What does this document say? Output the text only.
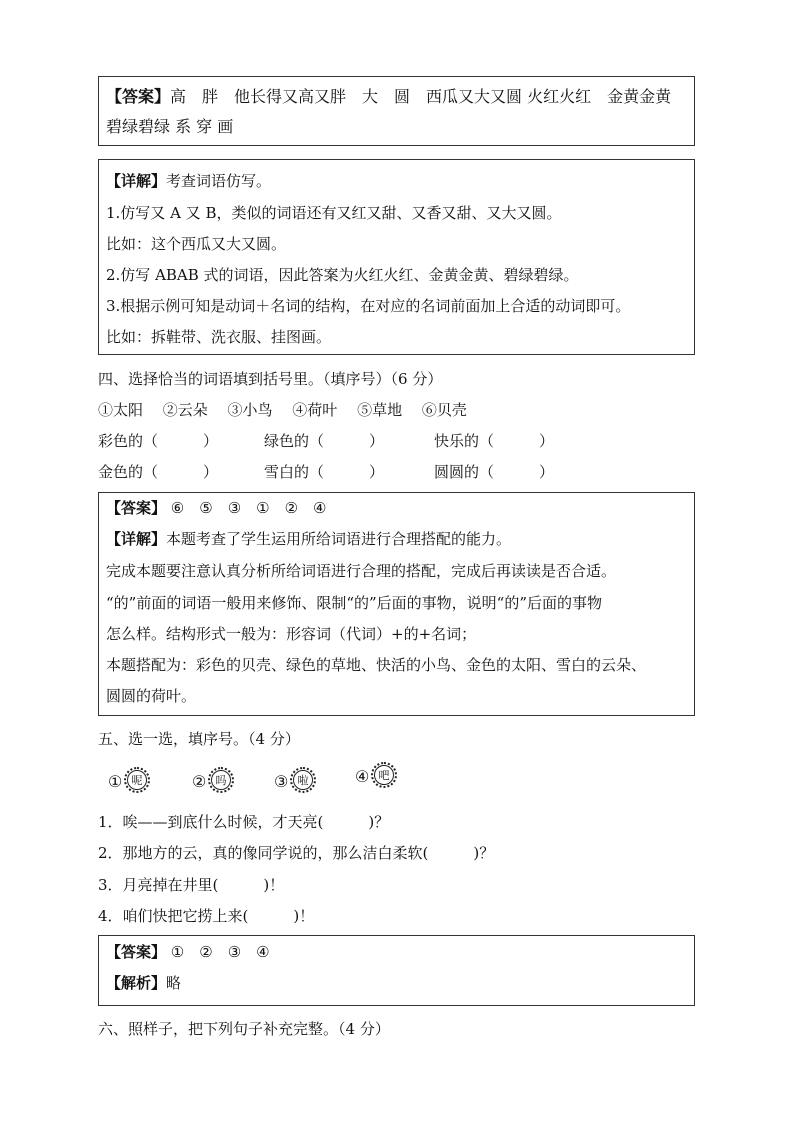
【答案】高　胖　他长得又高又胖　大　圆　西瓜又大又圆 火红火红　金黄金黄
碧绿碧绿 系 穿 画
【详解】考查词语仿写。
1.仿写又 A 又 B，类似的词语还有又红又甜、又香又甜、又大又圆。
比如：这个西瓜又大又圆。
2.仿写 ABAB 式的词语，因此答案为火红火红、金黄金黄、碧绿碧绿。
3.根据示例可知是动词＋名词的结构，在对应的名词前面加上合适的动词即可。
比如：拆鞋带、洗衣服、挂图画。
四、选择恰当的词语填到括号里。（填序号）（6 分）
①太阳　 ②云朵　 ③小鸟　 ④荷叶　 ⑤草地　 ⑥贝壳
彩色的（　　　）	绿色的（　　　）	快乐的（　　　）
金色的（　　　）	雪白的（　　　）	圆圆的（　　　）
【答案】 ⑥　⑤　③　①　②　④
【详解】本题考查了学生运用所给词语进行合理搭配的能力。
完成本题要注意认真分析所给词语进行合理的搭配，完成后再读读是否合适。
“的”前面的词语一般用来修饰、限制“的”后面的事物，说明“的”后面的事物
怎么样。结构形式一般为：形容词（代词）+的+名词；
本题搭配为：彩色的贝壳、绿色的草地、快活的小鸟、金色的太阳、雪白的云朵、
圆圆的荷叶。
五、选一选，填序号。（4 分）
① 呢	② 吗	③ 啦	④ 吧
1．唉——到底什么时候，才天亮(　　　)？
2．那地方的云，真的像同学说的，那么洁白柔软(　　　)？
3．月亮掉在井里(　　　)！
4．咱们快把它捞上来(　　　)！
【答案】 ①　②　③　④
【解析】略
六、照样子，把下列句子补充完整。（4 分）
